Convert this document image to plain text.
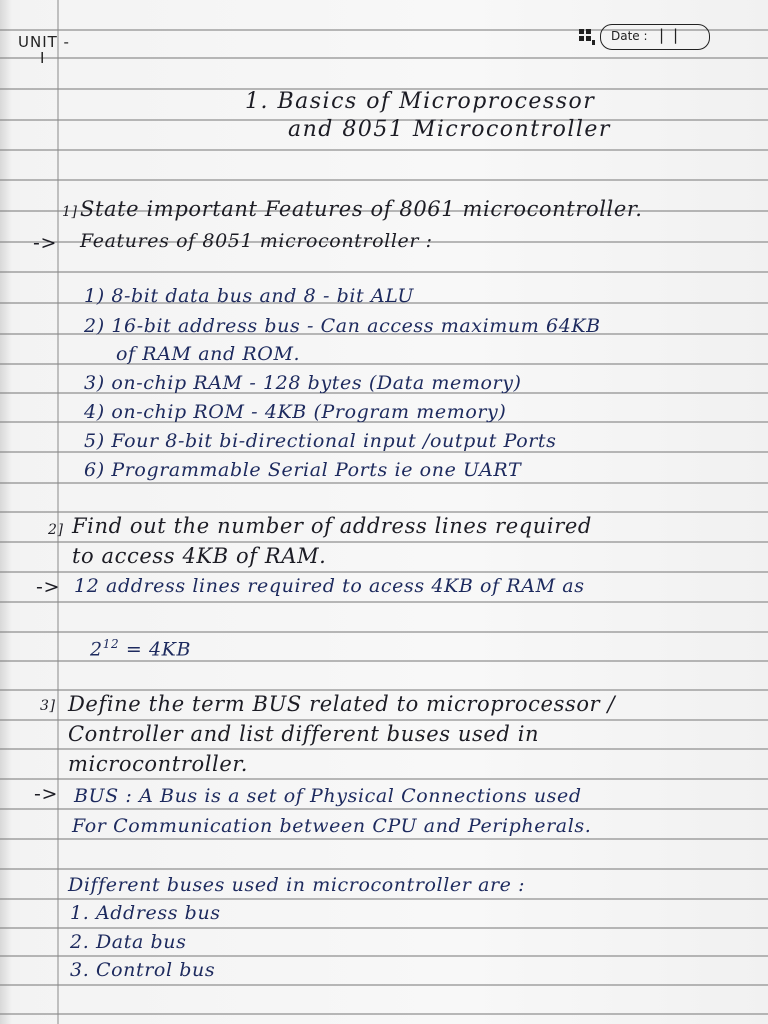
UNIT -
I
Date : | |
1. Basics of Microprocessor
and 8051 Microcontroller
1] State important Features of 8061 microcontroller.
-> Features of 8051 microcontroller :
1) 8-bit data bus and 8 - bit ALU
2) 16-bit address bus - Can access maximum 64KB
of RAM and ROM.
3) on-chip RAM - 128 bytes (Data memory)
4) on-chip ROM - 4KB (Program memory)
5) Four 8-bit bi-directional input /output Ports
6) Programmable Serial Ports ie one UART
2] Find out the number of address lines required
to access 4KB of RAM.
-> 12 address lines required to acess 4KB of RAM as
$2^{12} = 4KB$
3] Define the term BUS related to microprocessor /
Controller and list different buses used in
microcontroller.
-> BUS : A Bus is a set of Physical Connections used
For Communication between CPU and Peripherals.
Different buses used in microcontroller are :
1. Address bus
2. Data bus
3. Control bus
